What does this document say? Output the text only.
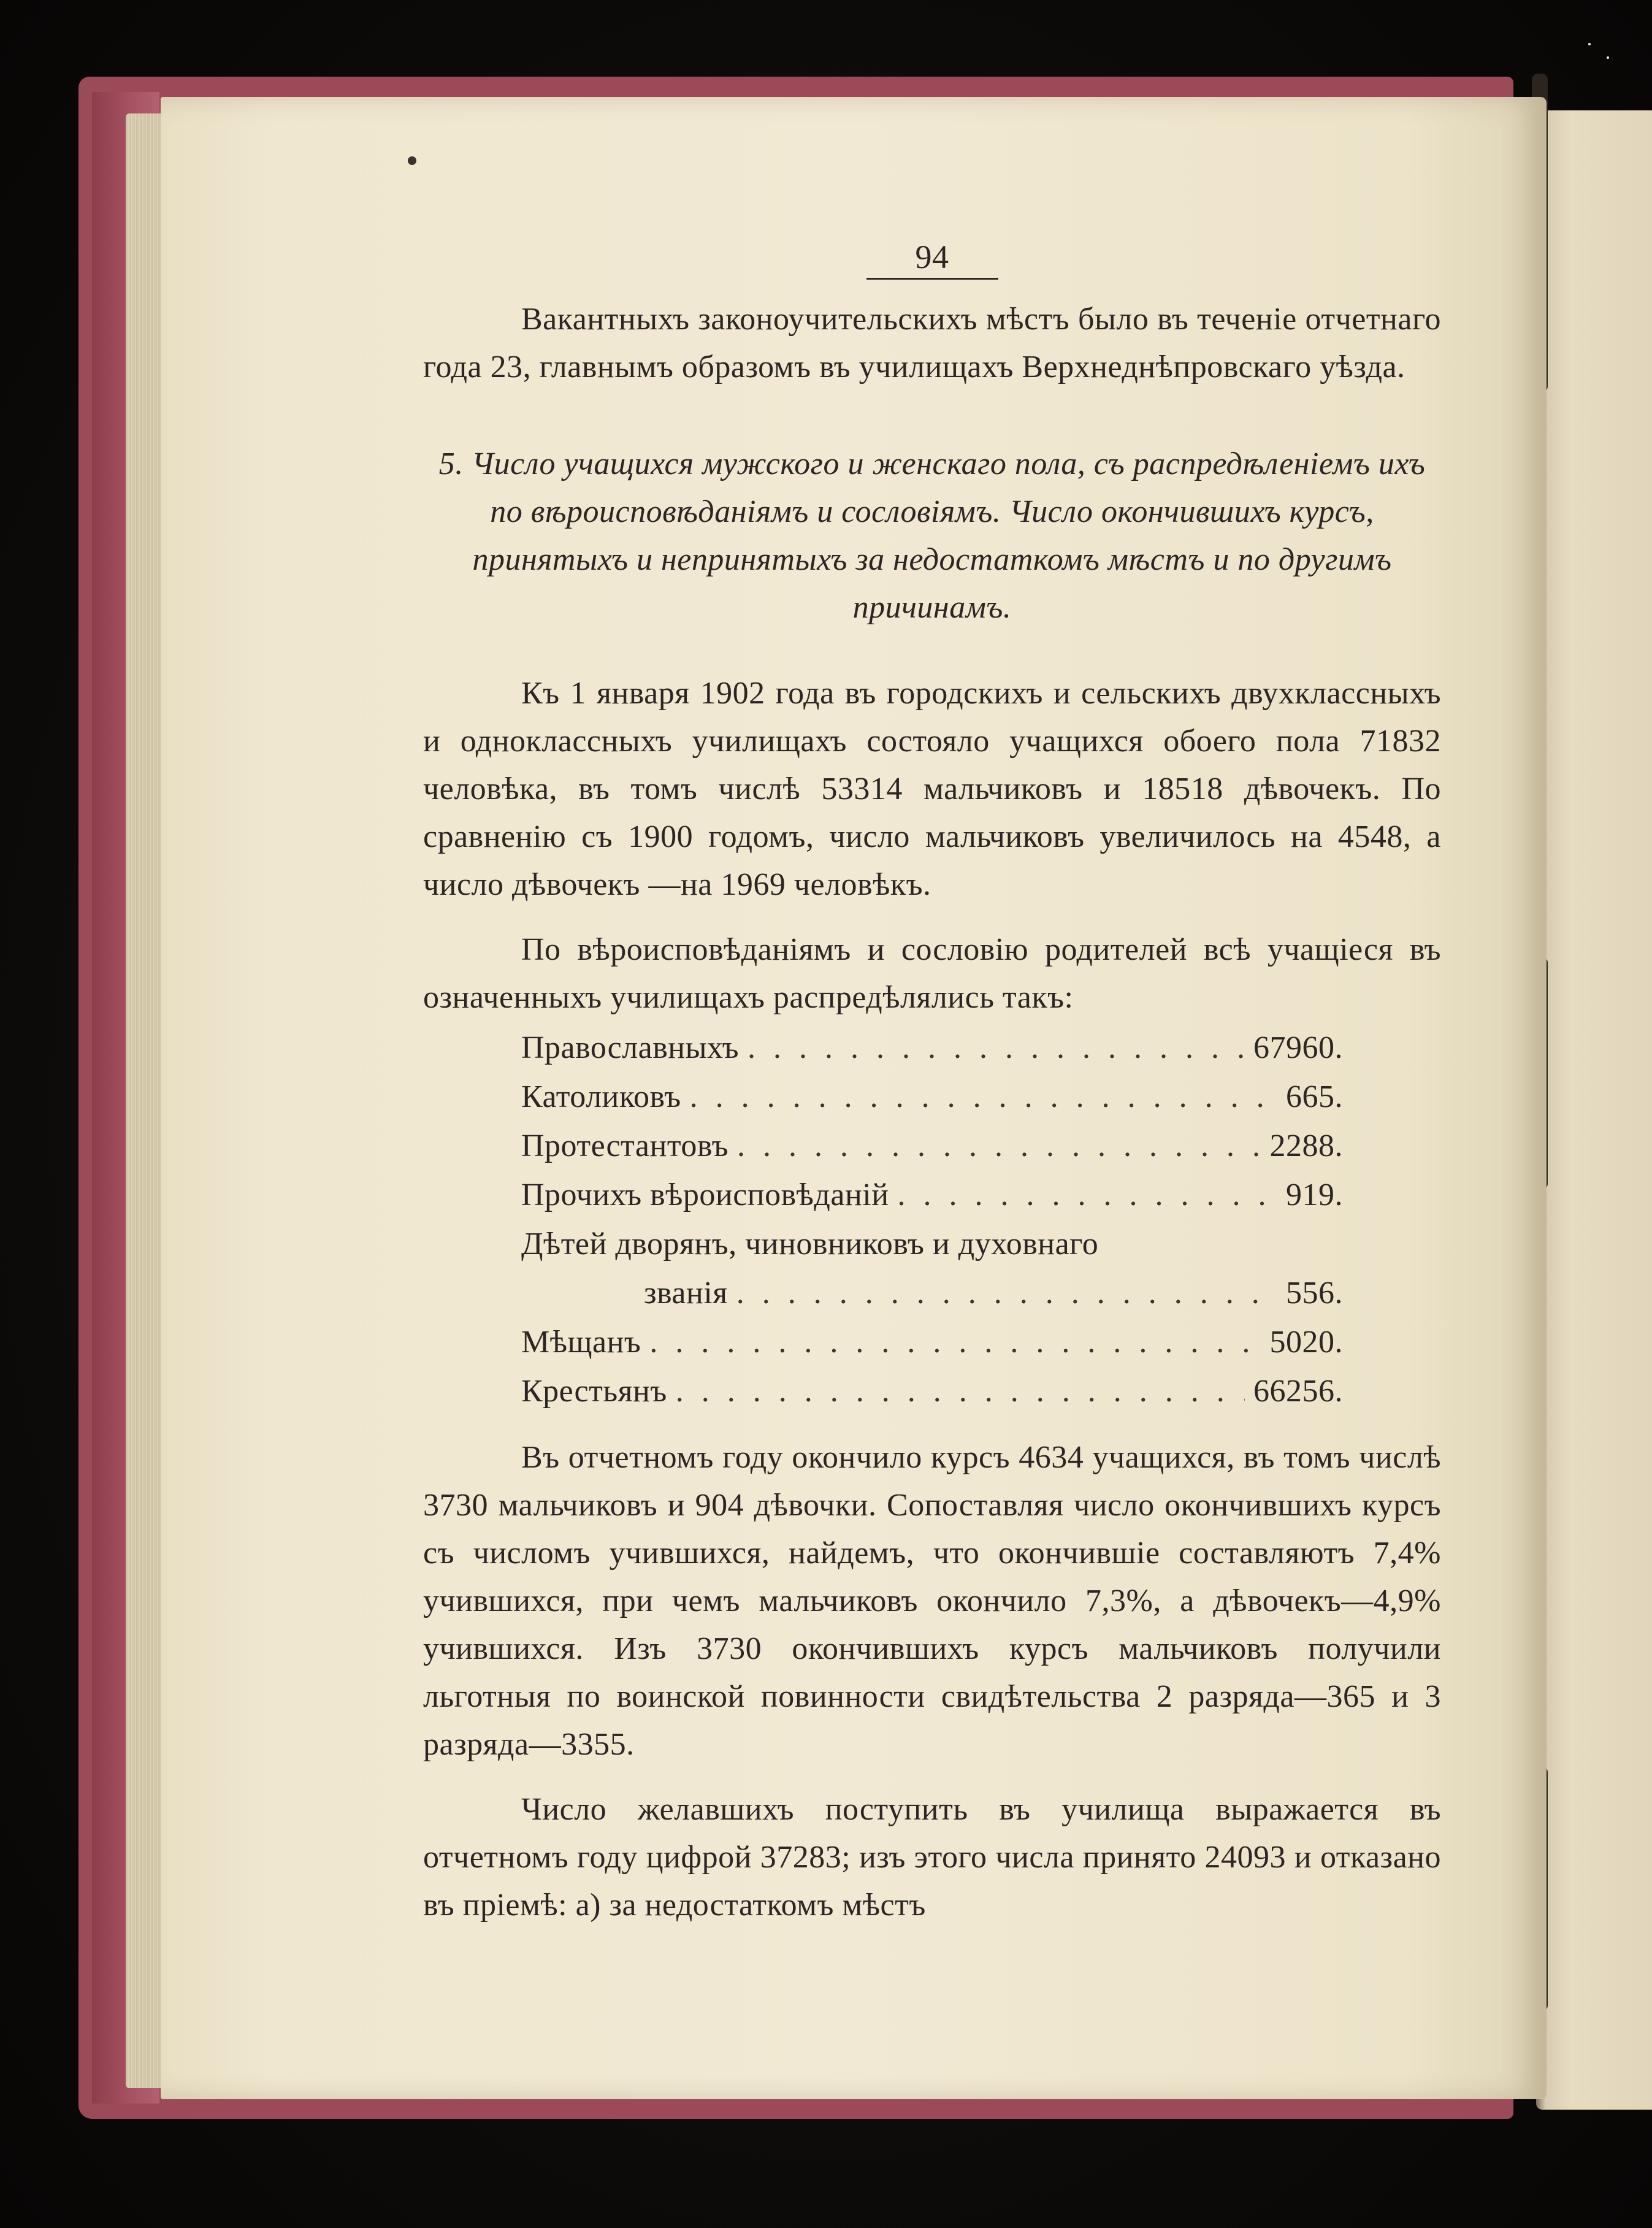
94

Вакантныхъ законоучительскихъ мѣстъ было въ теченіе отчетнаго года 23, главнымъ образомъ въ училищахъ Верхнеднѣпровскаго уѣзда.

5. Число учащихся мужского и женскаго пола, съ распредѣленіемъ ихъ по вѣроисповѣданіямъ и сословіямъ. Число окончившихъ курсъ, принятыхъ и непринятыхъ за недостаткомъ мѣстъ и по другимъ причинамъ.

Къ 1 января 1902 года въ городскихъ и сельскихъ двухклассныхъ и одноклассныхъ училищахъ состояло учащихся обоего пола 71832 человѣка, въ томъ числѣ 53314 мальчиковъ и 18518 дѣвочекъ. По сравненію съ 1900 годомъ, число мальчиковъ увеличилось на 4548, а число дѣвочекъ —на 1969 человѣкъ.

По вѣроисповѣданіямъ и сословію родителей всѣ учащіеся въ означенныхъ училищахъ распредѣлялись такъ:

Православныхъ . . .	67960.
Католиковъ . . .	665.
Протестантовъ . . .	2288.
Прочихъ вѣроисповѣданій . . .	919.
Дѣтей дворянъ, чиновниковъ и духовнаго
званія . . .	556.
Мѣщанъ . . .	5020.
Крестьянъ . . .	66256.

Въ отчетномъ году окончило курсъ 4634 учащихся, въ томъ числѣ 3730 мальчиковъ и 904 дѣвочки. Сопоставляя число окончившихъ курсъ съ числомъ учившихся, найдемъ, что окончившіе составляютъ 7,4% учившихся, при чемъ мальчиковъ окончило 7,3%, а дѣвочекъ—4,9% учившихся. Изъ 3730 окончившихъ курсъ мальчиковъ получили льготныя по воинской повинности свидѣтельства 2 разряда—365 и 3 разряда—3355.

Число желавшихъ поступить въ училища выражается въ отчетномъ году цифрой 37283; изъ этого числа принято 24093 и отказано въ пріемѣ: а) за недостаткомъ мѣстъ
